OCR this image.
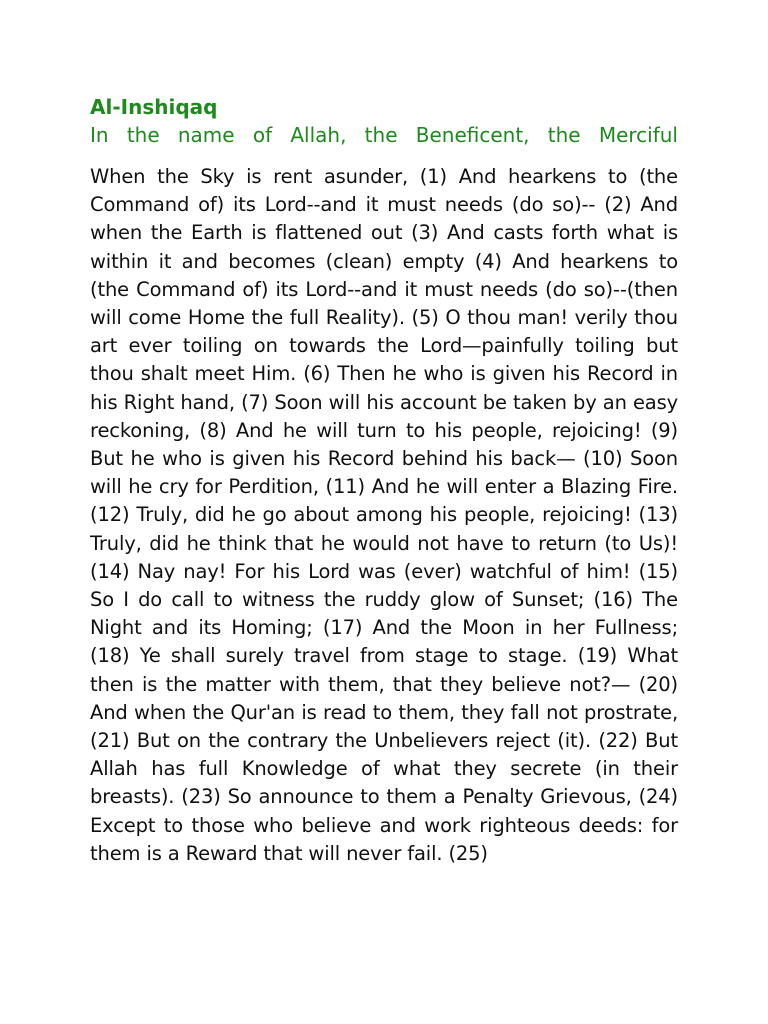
Al-Inshiqaq

In the name of Allah, the Beneficent, the Merciful

When the Sky is rent asunder, (1) And hearkens to (the Command of) its Lord--and it must needs (do so)-- (2) And when the Earth is flattened out (3) And casts forth what is within it and becomes (clean) empty (4) And hearkens to (the Command of) its Lord--and it must needs (do so)--(then will come Home the full Reality). (5) O thou man! verily thou art ever toiling on towards the Lord—painfully toiling but thou shalt meet Him. (6) Then he who is given his Record in his Right hand, (7) Soon will his account be taken by an easy reckoning, (8) And he will turn to his people, rejoicing! (9) But he who is given his Record behind his back— (10) Soon will he cry for Perdition, (11) And he will enter a Blazing Fire. (12) Truly, did he go about among his people, rejoicing! (13) Truly, did he think that he would not have to return (to Us)! (14) Nay nay! For his Lord was (ever) watchful of him! (15) So I do call to witness the ruddy glow of Sunset; (16) The Night and its Homing; (17) And the Moon in her Fullness; (18) Ye shall surely travel from stage to stage. (19) What then is the matter with them, that they believe not?— (20) And when the Qur'an is read to them, they fall not prostrate, (21) But on the contrary the Unbelievers reject (it). (22) But Allah has full Knowledge of what they secrete (in their breasts). (23) So announce to them a Penalty Grievous, (24) Except to those who believe and work righteous deeds: for them is a Reward that will never fail. (25)
